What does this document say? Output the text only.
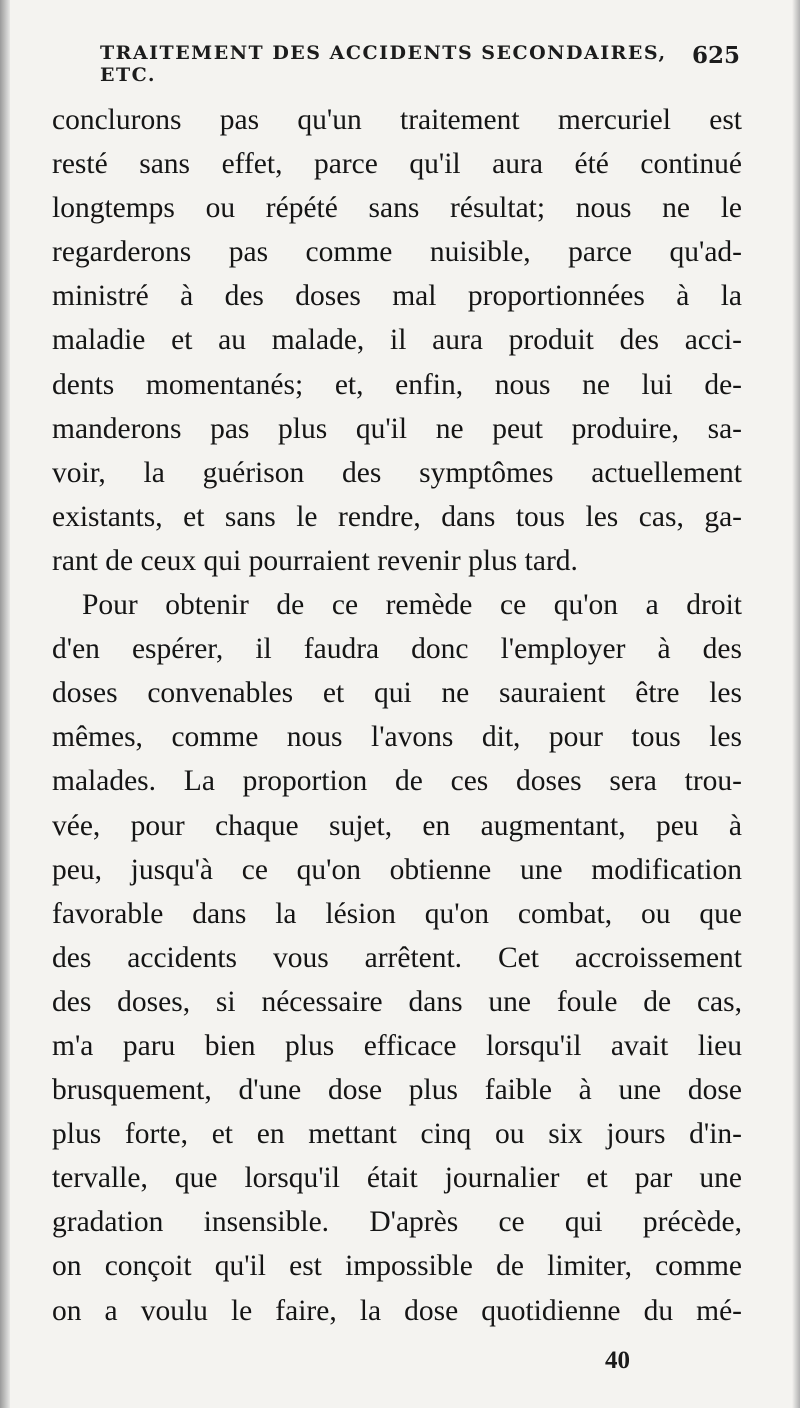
TRAITEMENT DES ACCIDENTS SECONDAIRES, ETC.
625
conclurons pas qu'un traitement mercuriel est
resté sans effet, parce qu'il aura été continué
longtemps ou répété sans résultat; nous ne le
regarderons pas comme nuisible, parce qu'ad-
ministré à des doses mal proportionnées à la
maladie et au malade, il aura produit des acci-
dents momentanés; et, enfin, nous ne lui de-
manderons pas plus qu'il ne peut produire, sa-
voir, la guérison des symptômes actuellement
existants, et sans le rendre, dans tous les cas, ga-
rant de ceux qui pourraient revenir plus tard.
Pour obtenir de ce remède ce qu'on a droit
d'en espérer, il faudra donc l'employer à des
doses convenables et qui ne sauraient être les
mêmes, comme nous l'avons dit, pour tous les
malades. La proportion de ces doses sera trou-
vée, pour chaque sujet, en augmentant, peu à
peu, jusqu'à ce qu'on obtienne une modification
favorable dans la lésion qu'on combat, ou que
des accidents vous arrêtent. Cet accroissement
des doses, si nécessaire dans une foule de cas,
m'a paru bien plus efficace lorsqu'il avait lieu
brusquement, d'une dose plus faible à une dose
plus forte, et en mettant cinq ou six jours d'in-
tervalle, que lorsqu'il était journalier et par une
gradation insensible. D'après ce qui précède,
on conçoit qu'il est impossible de limiter, comme
on a voulu le faire, la dose quotidienne du mé-
40
